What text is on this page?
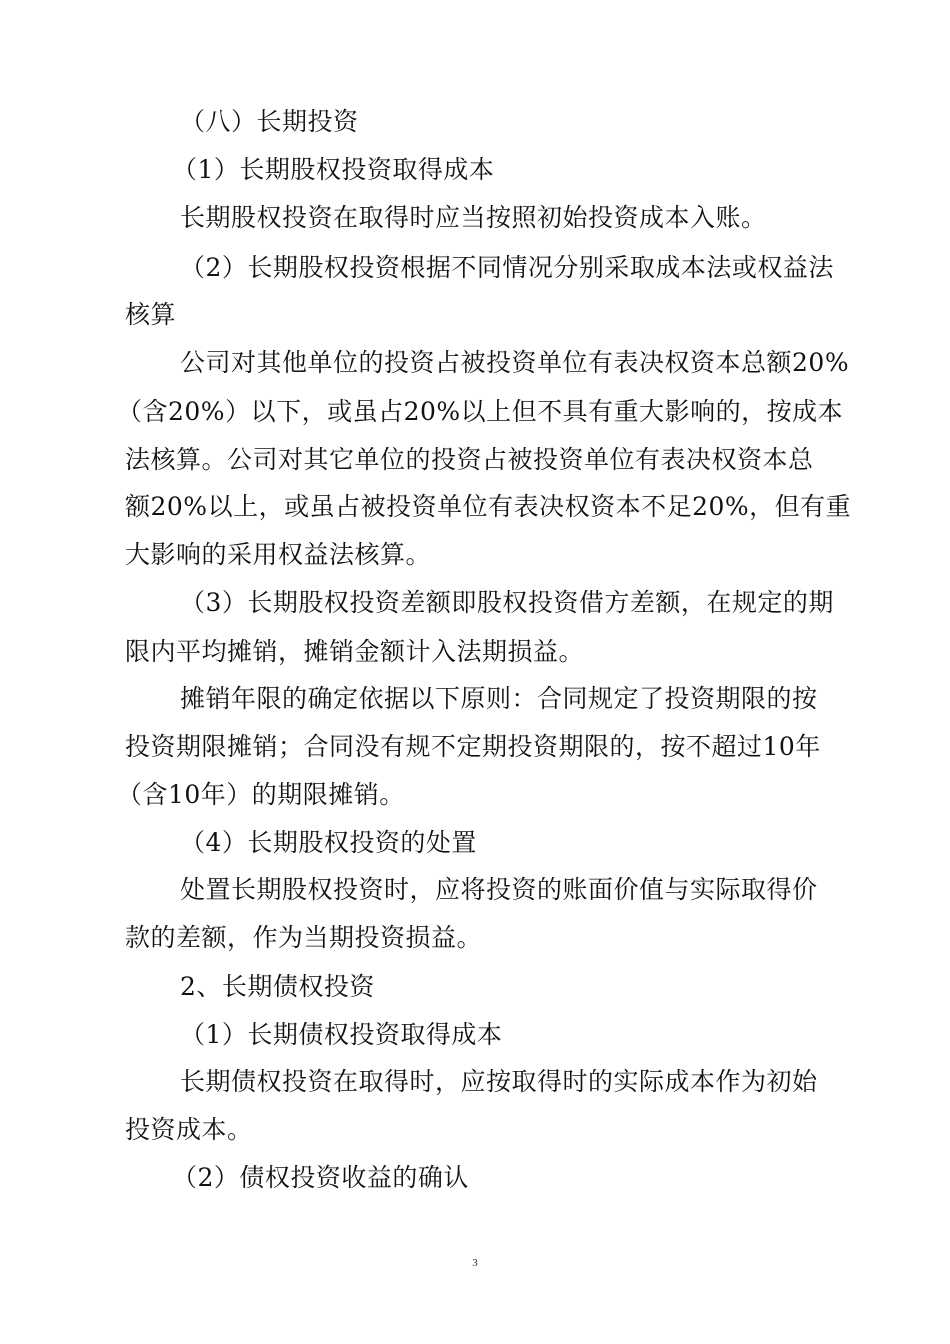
（八）长期投资
（1）长期股权投资取得成本
长期股权投资在取得时应当按照初始投资成本入账。
（2）长期股权投资根据不同情况分别采取成本法或权益法
核算
公司对其他单位的投资占被投资单位有表决权资本总额20%
（含20%）以下，或虽占20%以上但不具有重大影响的，按成本
法核算。公司对其它单位的投资占被投资单位有表决权资本总
额20%以上，或虽占被投资单位有表决权资本不足20%，但有重
大影响的采用权益法核算。
（3）长期股权投资差额即股权投资借方差额，在规定的期
限内平均摊销，摊销金额计入法期损益。
摊销年限的确定依据以下原则：合同规定了投资期限的按
投资期限摊销；合同没有规不定期投资期限的，按不超过10年
（含10年）的期限摊销。
（4）长期股权投资的处置
处置长期股权投资时，应将投资的账面价值与实际取得价
款的差额，作为当期投资损益。
2、长期债权投资
（1）长期债权投资取得成本
长期债权投资在取得时，应按取得时的实际成本作为初始
投资成本。
（2）债权投资收益的确认
3
